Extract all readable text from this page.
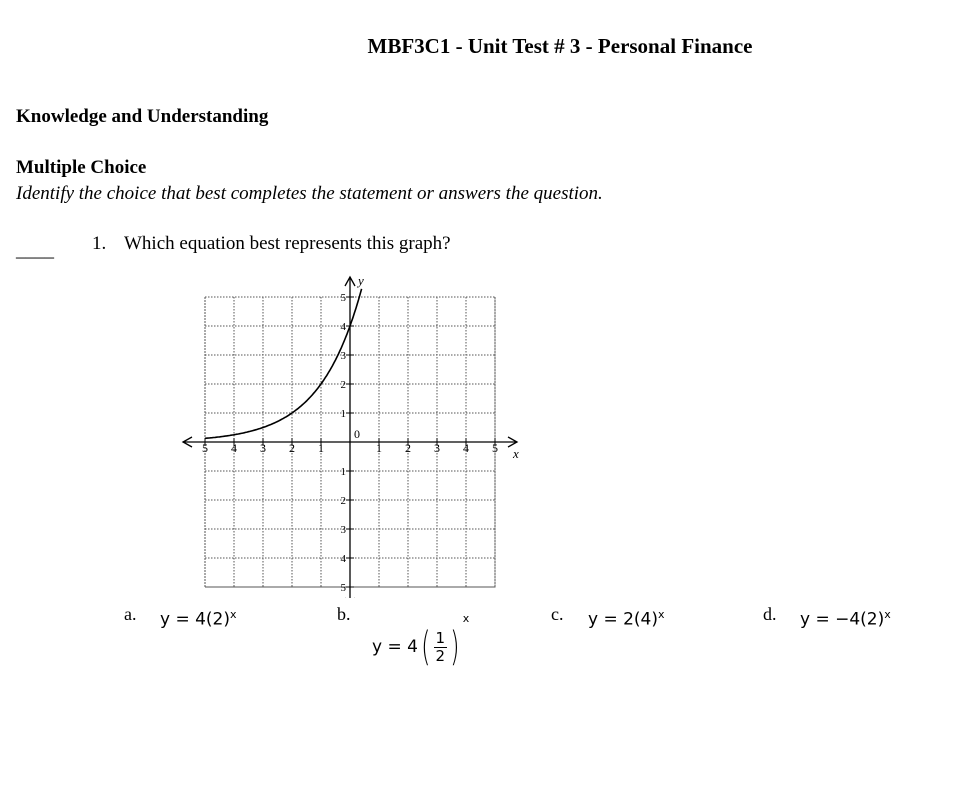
MBF3C1 - Unit Test # 3 - Personal Finance
Knowledge and Understanding
Multiple Choice
Identify the choice that best completes the statement or answers the question.
____ 1. Which equation best represents this graph?
5 4 3 2 1
0
1 2 3 4 5
5
4
3
2
1
1
2
3
4
5
x
y
a. $y = 4(2)^x$	b.
$y = 4( \frac{1}{2} )^x$	c. $y = 2(4)^x$	d. $y = -4(2)^x$
